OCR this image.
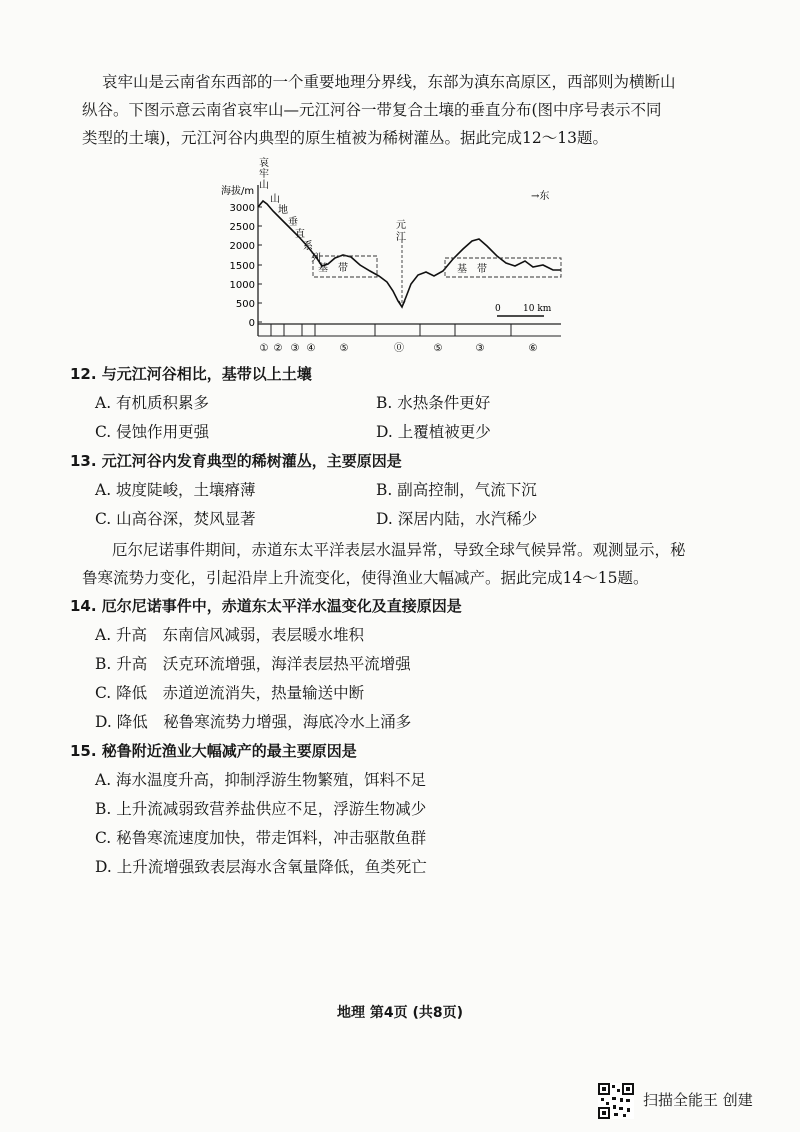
哀牢山是云南省东西部的一个重要地理分界线，东部为滇东高原区，西部则为横断山
纵谷。下图示意云南省哀牢山—元江河谷一带复合土壤的垂直分布(图中序号表示不同
类型的土壤)，元江河谷内典型的原生植被为稀树灌丛。据此完成12～13题。
海拔/m
3000
2500
2000
1500
1000
500
0
哀
牢
山
山
地
垂
直
系
列
基　带	基　带
元
江
→东
0 10 km
① ② ③ ④ ⑤	⓪	⑤	③	⑥
12. 与元江河谷相比，基带以上土壤
A. 有机质积累多	B. 水热条件更好
C. 侵蚀作用更强	D. 上覆植被更少
13. 元江河谷内发育典型的稀树灌丛，主要原因是
A. 坡度陡峻，土壤瘠薄	B. 副高控制，气流下沉
C. 山高谷深，焚风显著	D. 深居内陆，水汽稀少
厄尔尼诺事件期间，赤道东太平洋表层水温异常，导致全球气候异常。观测显示，秘
鲁寒流势力变化，引起沿岸上升流变化，使得渔业大幅减产。据此完成14～15题。
14. 厄尔尼诺事件中，赤道东太平洋水温变化及直接原因是
A. 升高　东南信风减弱，表层暖水堆积
B. 升高　沃克环流增强，海洋表层热平流增强
C. 降低　赤道逆流消失，热量输送中断
D. 降低　秘鲁寒流势力增强，海底冷水上涌多
15. 秘鲁附近渔业大幅减产的最主要原因是
A. 海水温度升高，抑制浮游生物繁殖，饵料不足
B. 上升流减弱致营养盐供应不足，浮游生物减少
C. 秘鲁寒流速度加快，带走饵料，冲击驱散鱼群
D. 上升流增强致表层海水含氧量降低，鱼类死亡
地理 第4页 (共8页)
扫描全能王 创建
